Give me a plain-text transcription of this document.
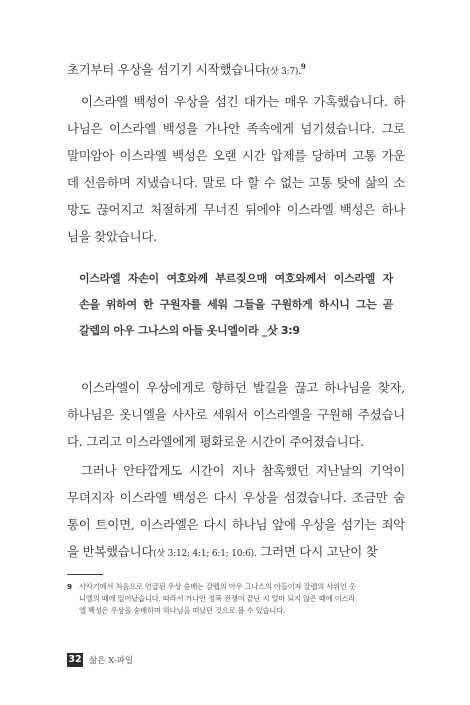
초기부터 우상을 섬기기 시작했습니다(삿 3:7).$^9$
이스라엘 백성이 우상을 섬긴 대가는 매우 가혹했습니다. 하
나님은 이스라엘 백성을 가나안 족속에게 넘기셨습니다. 그로
말미암아 이스라엘 백성은 오랜 시간 압제를 당하며 고통 가운
데 신음하며 지냈습니다. 말로 다 할 수 없는 고통 탓에 삶의 소
망도 끊어지고 처절하게 무너진 뒤에야 이스라엘 백성은 하나
님을 찾았습니다.
이스라엘 자손이 여호와께 부르짖으매 여호와께서 이스라엘 자
손을 위하여 한 구원자를 세워 그들을 구원하게 하시니 그는 곧
갈렙의 아우 그나스의 아들 옷니엘이라 _삿 3:9
이스라엘이 우상에게로 향하던 발길을 끊고 하나님을 찾자,
하나님은 옷니엘을 사사로 세워서 이스라엘을 구원해 주셨습니
다. 그리고 이스라엘에게 평화로운 시간이 주어졌습니다.
그러나 안타깝게도 시간이 지나 참혹했던 지난날의 기억이
무뎌지자 이스라엘 백성은 다시 우상을 섬겼습니다. 조금만 숨
통이 트이면, 이스라엘은 다시 하나님 앞에 우상을 섬기는 죄악
을 반복했습니다(삿 3:12; 4:1; 6:1; 10:6). 그러면 다시 고난이 찾
9 사사기에서 처음으로 언급된 우상 숭배는 갈렙의 아우 그나스의 아들이자 갈렙의 사위인 옷
니엘의 때에 일어났습니다. 따라서 가나안 정복 전쟁이 끝난 지 얼마 되지 않은 때에 이스라
엘 백성은 우상을 숭배하며 하나님을 떠났던 것으로 볼 수 있습니다.
32 삶은 X-파일
